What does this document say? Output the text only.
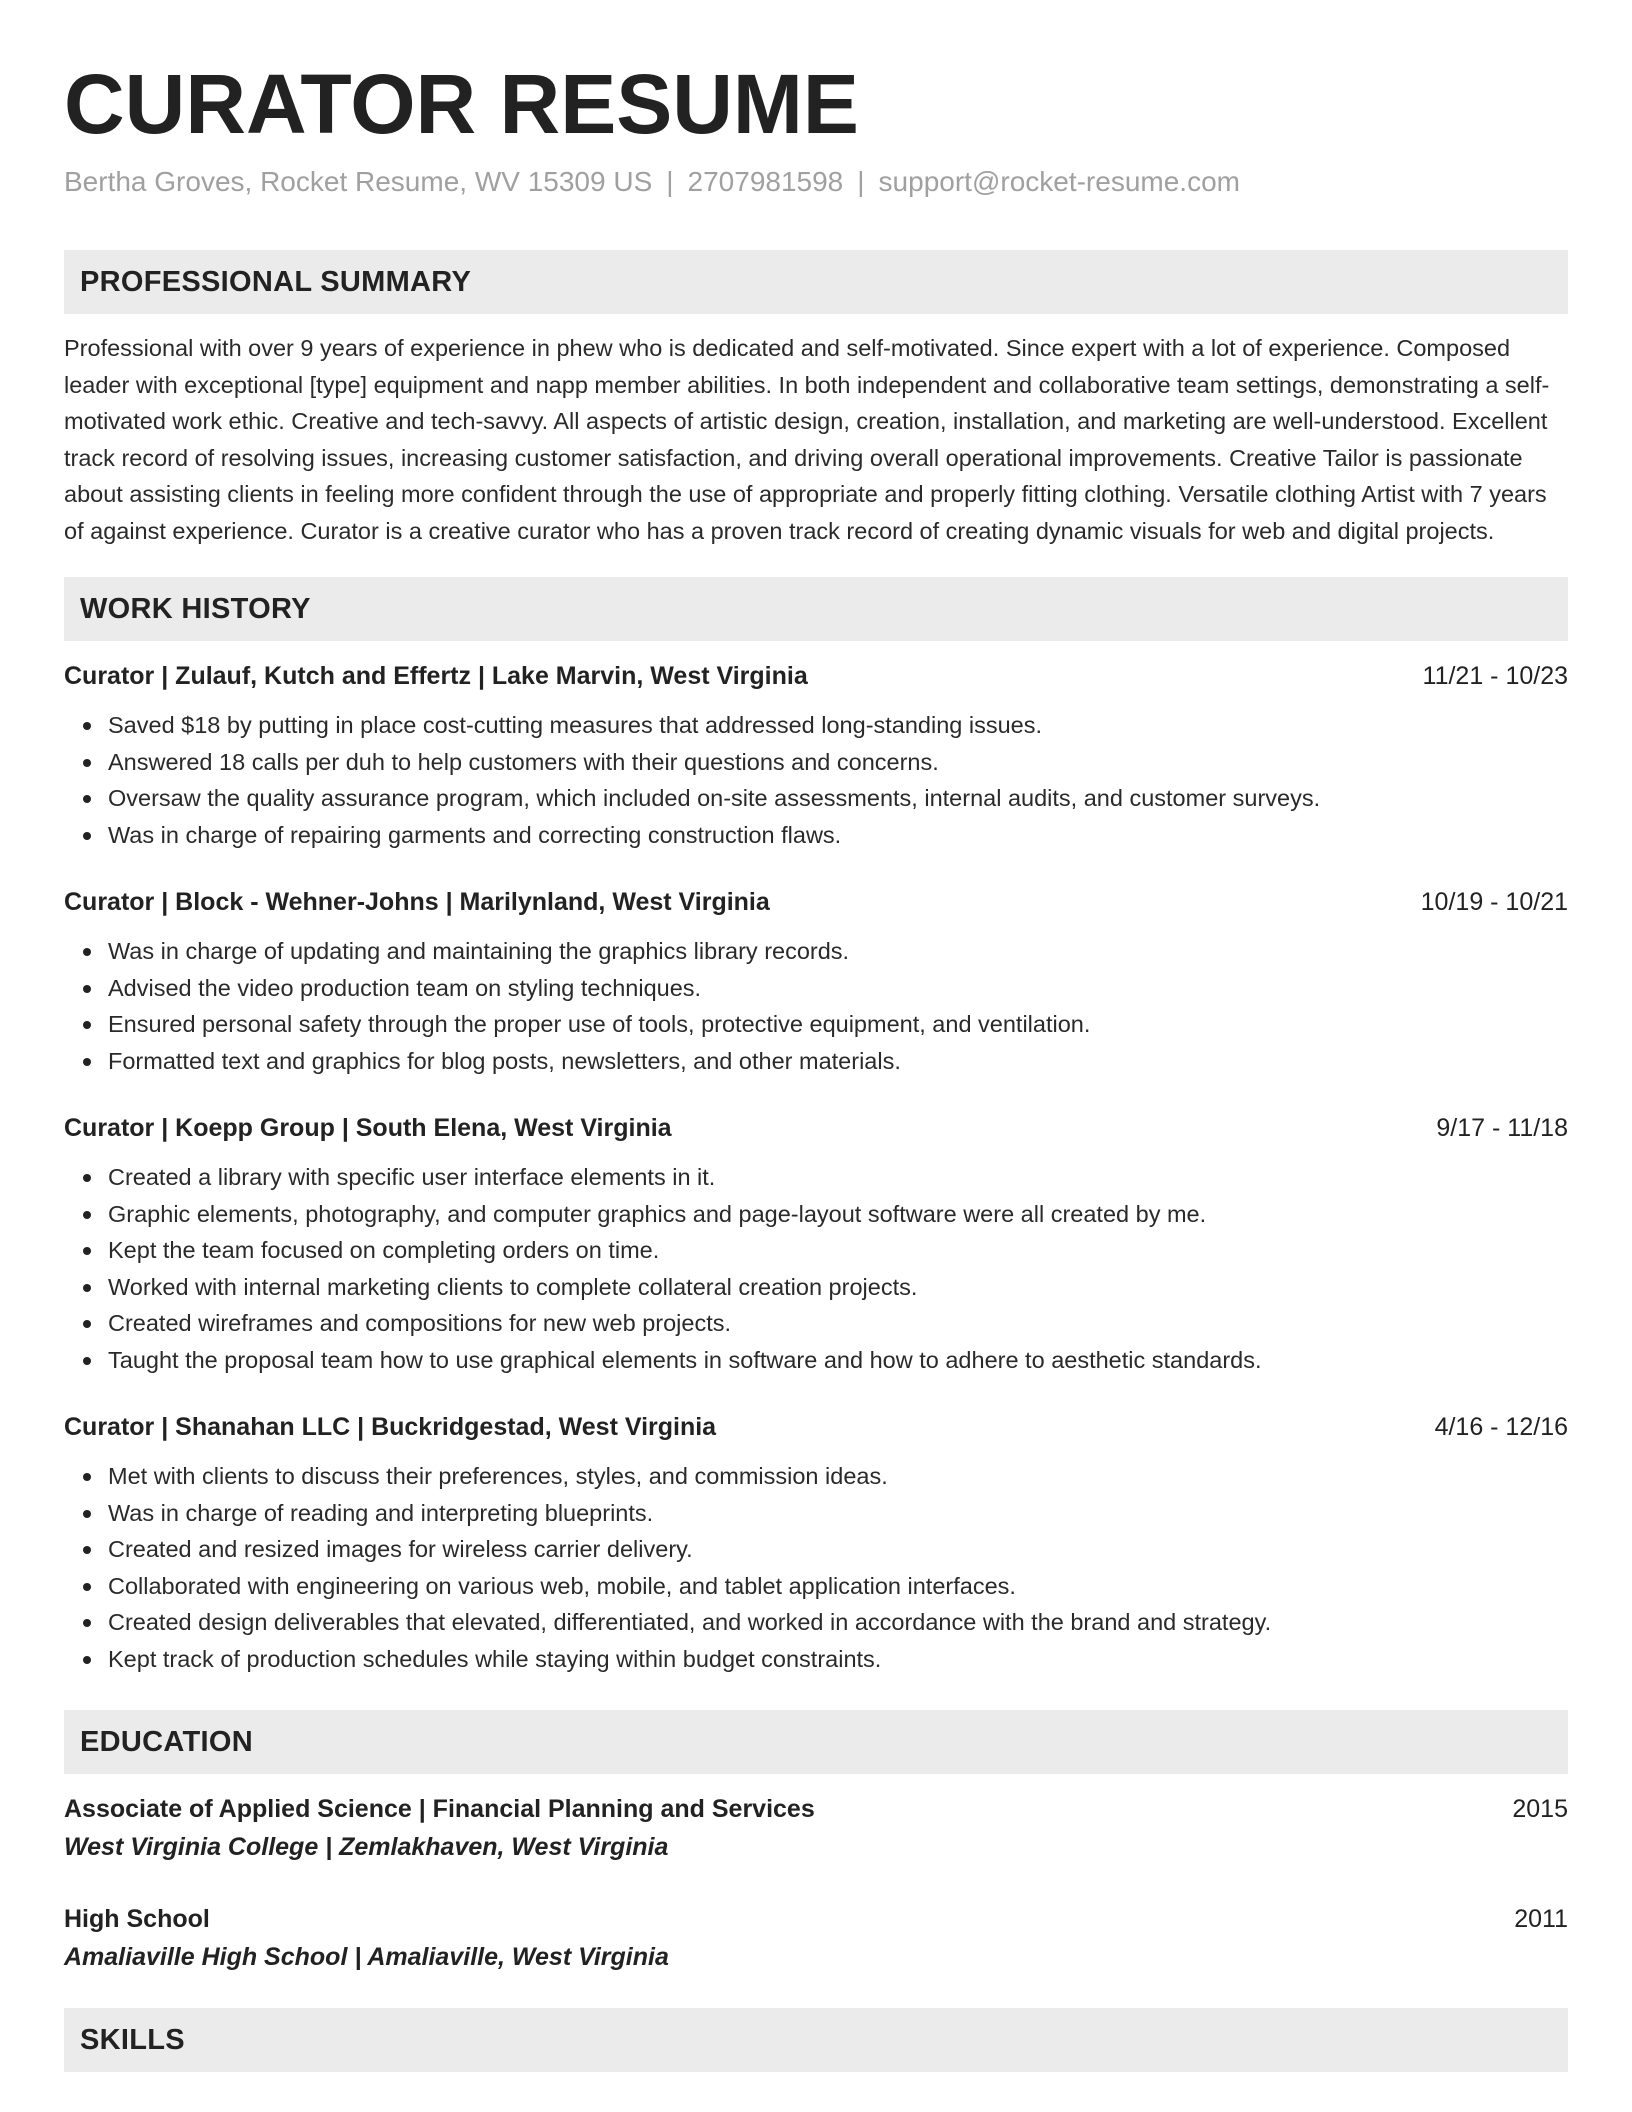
CURATOR RESUME
Bertha Groves, Rocket Resume, WV 15309 US | 2707981598 | support@rocket-resume.com
PROFESSIONAL SUMMARY
Professional with over 9 years of experience in phew who is dedicated and self-motivated. Since expert with a lot of experience. Composed leader with exceptional [type] equipment and napp member abilities. In both independent and collaborative team settings, demonstrating a self-motivated work ethic. Creative and tech-savvy. All aspects of artistic design, creation, installation, and marketing are well-understood. Excellent track record of resolving issues, increasing customer satisfaction, and driving overall operational improvements. Creative Tailor is passionate about assisting clients in feeling more confident through the use of appropriate and properly fitting clothing. Versatile clothing Artist with 7 years of against experience. Curator is a creative curator who has a proven track record of creating dynamic visuals for web and digital projects.
WORK HISTORY
Curator | Zulauf, Kutch and Effertz | Lake Marvin, West Virginia	11/21 - 10/23
Saved $18 by putting in place cost-cutting measures that addressed long-standing issues.
Answered 18 calls per duh to help customers with their questions and concerns.
Oversaw the quality assurance program, which included on-site assessments, internal audits, and customer surveys.
Was in charge of repairing garments and correcting construction flaws.
Curator | Block - Wehner-Johns | Marilynland, West Virginia	10/19 - 10/21
Was in charge of updating and maintaining the graphics library records.
Advised the video production team on styling techniques.
Ensured personal safety through the proper use of tools, protective equipment, and ventilation.
Formatted text and graphics for blog posts, newsletters, and other materials.
Curator | Koepp Group | South Elena, West Virginia	9/17 - 11/18
Created a library with specific user interface elements in it.
Graphic elements, photography, and computer graphics and page-layout software were all created by me.
Kept the team focused on completing orders on time.
Worked with internal marketing clients to complete collateral creation projects.
Created wireframes and compositions for new web projects.
Taught the proposal team how to use graphical elements in software and how to adhere to aesthetic standards.
Curator | Shanahan LLC | Buckridgestad, West Virginia	4/16 - 12/16
Met with clients to discuss their preferences, styles, and commission ideas.
Was in charge of reading and interpreting blueprints.
Created and resized images for wireless carrier delivery.
Collaborated with engineering on various web, mobile, and tablet application interfaces.
Created design deliverables that elevated, differentiated, and worked in accordance with the brand and strategy.
Kept track of production schedules while staying within budget constraints.
EDUCATION
Associate of Applied Science | Financial Planning and Services	2015
West Virginia College | Zemlakhaven, West Virginia
High School	2011
Amaliaville High School | Amaliaville, West Virginia
SKILLS
